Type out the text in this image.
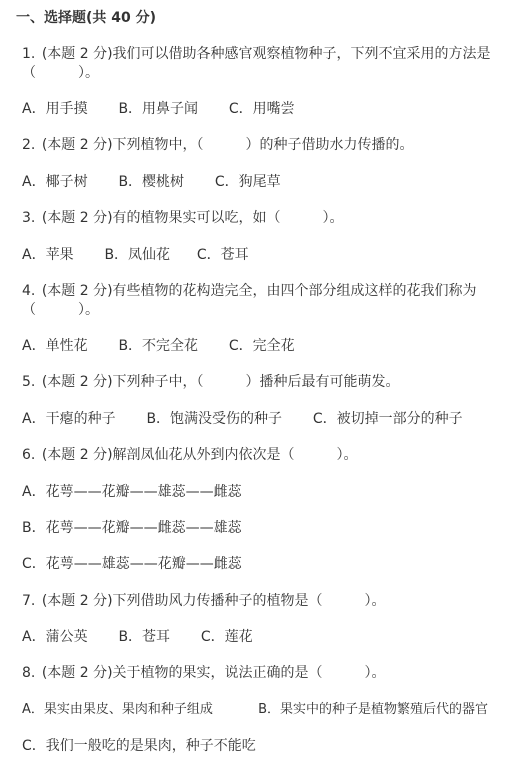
一、选择题(共 40 分)
1. (本题 2 分)我们可以借助各种感官观察植物种子，下列不宜采用的方法是
（　　　）。
A．用手摸 B．用鼻子闻 C．用嘴尝
2. (本题 2 分)下列植物中，（　　　）的种子借助水力传播的。
A．椰子树 B．樱桃树 C．狗尾草
3. (本题 2 分)有的植物果实可以吃，如（　　　）。
A．苹果 B．凤仙花 C．苍耳
4. (本题 2 分)有些植物的花构造完全，由四个部分组成这样的花我们称为
（　　　）。
A．单性花 B．不完全花 C．完全花
5. (本题 2 分)下列种子中，（　　　）播种后最有可能萌发。
A．干瘪的种子 B．饱满没受伤的种子 C．被切掉一部分的种子
6. (本题 2 分)解剖凤仙花从外到内依次是（　　　）。
A．花萼——花瓣——雄蕊——雌蕊
B．花萼——花瓣——雌蕊——雄蕊
C．花萼——雄蕊——花瓣——雌蕊
7. (本题 2 分)下列借助风力传播种子的植物是（　　　）。
A．蒲公英 B．苍耳 C．莲花
8. (本题 2 分)关于植物的果实，说法正确的是（　　　）。
A．果实由果皮、果肉和种子组成	B．果实中的种子是植物繁殖后代的器官
C．我们一般吃的是果肉，种子不能吃
